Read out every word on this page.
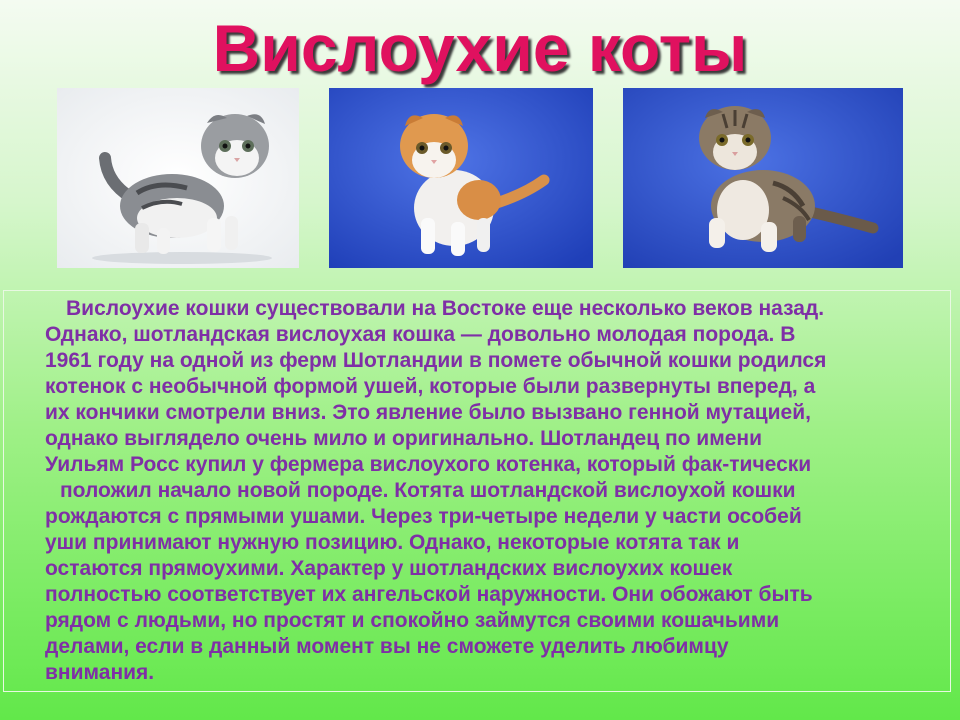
Вислоухие коты
Вислоухие кошки существовали на Востоке еще несколько веков назад.
Однако, шотландская вислоухая кошка — довольно молодая порода. В
1961 году на одной из ферм Шотландии в помете обычной кошки родился
котенок с необычной формой ушей, которые были развернуты вперед, а
их кончики смотрели вниз. Это явление было вызвано генной мутацией,
однако выглядело очень мило и оригинально. Шотландец по имени
Уильям Росс купил у фермера вислоухого котенка, который фак-тически
положил начало новой породе. Котята шотландской вислоухой кошки
рождаются с прямыми ушами. Через три-четыре недели у части особей
уши принимают нужную позицию. Однако, некоторые котята так и
остаются прямоухими. Характер у шотландских вислоухих кошек
полностью соответствует их ангельской наружности. Они обожают быть
рядом с людьми, но простят и спокойно займутся своими кошачьими
делами, если в данный момент вы не сможете уделить любимцу
внимания.
